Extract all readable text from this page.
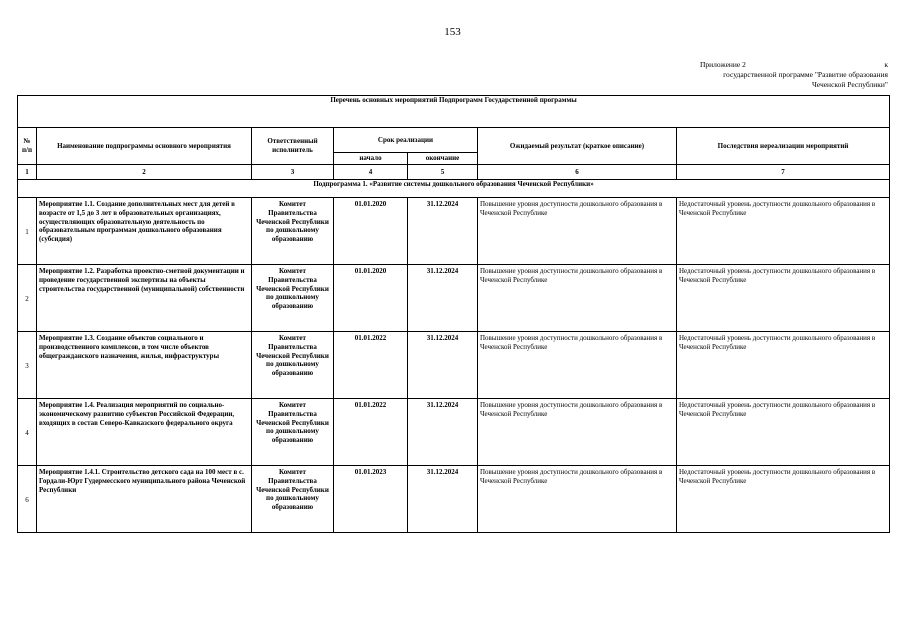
153
Приложение 2	к
государственной программе "Развитие образования
Чеченской Республики"
Перечень основных мероприятий Подпрограмм Государственной программы						
№ п/п	Наименование подпрограммы основного мероприятия	Ответственный исполнитель	Срок реализации		Ожидаемый результат (краткое описание)	Последствия нереализации мероприятий
			начало	окончание		
1	2	3	4	5	6	7
Подпрограмма 1. «Развитие системы дошкольного образования Чеченской Республики»						
1	Мероприятие 1.1. Создание дополнительных мест для детей в возрасте от 1,5 до 3 лет в образовательных организациях, осуществляющих образовательную деятельность по образовательным программам дошкольного образования (субсидия)	Комитет Правительства Чеченской Республики по дошкольному образованию	01.01.2020	31.12.2024	Повышение уровня доступности дошкольного образования в Чеченской Республике	Недостаточный уровень доступности дошкольного образования в Чеченской Республике
2	Мероприятие 1.2. Разработка проектно-сметной документации и проведение государственной экспертизы на объекты строительства государственной (муниципальной) собственности	Комитет Правительства Чеченской Республики по дошкольному образованию	01.01.2020	31.12.2024	Повышение уровня доступности дошкольного образования в Чеченской Республике	Недостаточный уровень доступности дошкольного образования в Чеченской Республике
3	Мероприятие 1.3. Создание объектов социального и производственного комплексов, в том числе объектов общегражданского назначения, жилья, инфраструктуры	Комитет Правительства Чеченской Республики по дошкольному образованию	01.01.2022	31.12.2024	Повышение уровня доступности дошкольного образования в Чеченской Республике	Недостаточный уровень доступности дошкольного образования в Чеченской Республике
4	Мероприятие 1.4. Реализация мероприятий по социально-экономическому развитию субъектов Российской Федерации, входящих в состав Северо-Кавказского федерального округа	Комитет Правительства Чеченской Республики по дошкольному образованию	01.01.2022	31.12.2024	Повышение уровня доступности дошкольного образования в Чеченской Республике	Недостаточный уровень доступности дошкольного образования в Чеченской Республике
6	Мероприятие 1.4.1. Строительство детского сада на 100 мест в с. Гордали-Юрт Гудермесского муниципального района Чеченской Республики	Комитет Правительства Чеченской Республики по дошкольному образованию	01.01.2023	31.12.2024	Повышение уровня доступности дошкольного образования в Чеченской Республике	Недостаточный уровень доступности дошкольного образования в Чеченской Республике
